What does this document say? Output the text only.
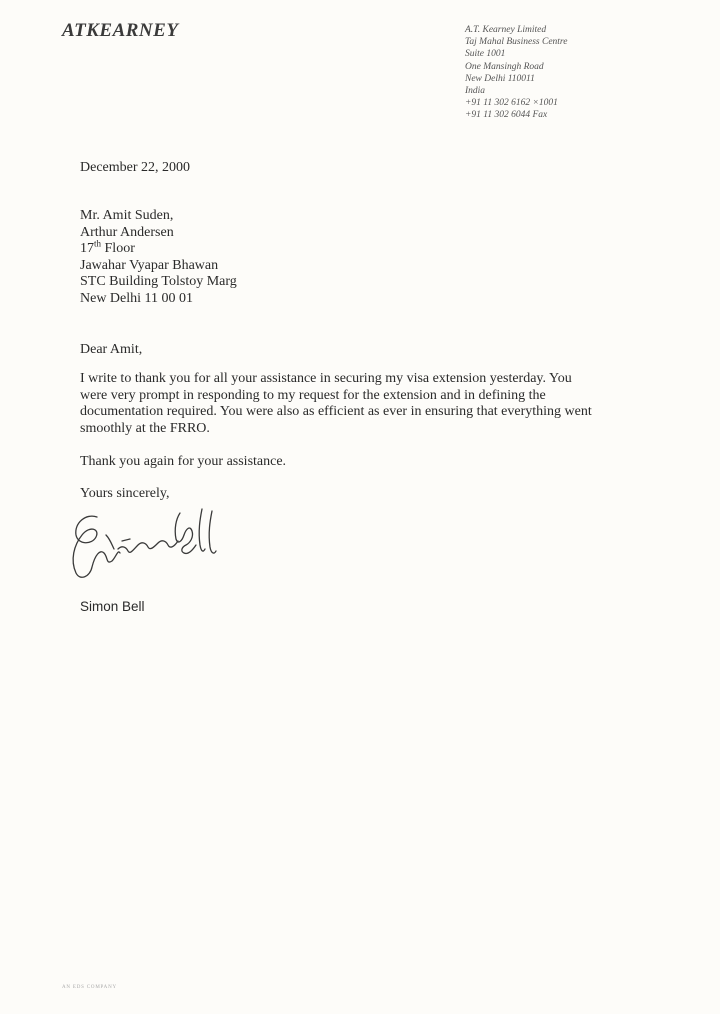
ATKEARNEY	A.T. Kearney Limited
Taj Mahal Business Centre
Suite 1001
One Mansingh Road
New Delhi 110011
India
+91 11 302 6162 ×1001
+91 11 302 6044 Fax
December 22, 2000
Mr. Amit Suden,
Arthur Andersen
17th Floor
Jawahar Vyapar Bhawan
STC Building Tolstoy Marg
New Delhi 11 00 01
Dear Amit,
I write to thank you for all your assistance in securing my visa extension yesterday. You
were very prompt in responding to my request for the extension and in defining the
documentation required. You were also as efficient as ever in ensuring that everything went
smoothly at the FRRO.
Thank you again for your assistance.
Yours sincerely,
Simon Bell
AN EDS COMPANY
